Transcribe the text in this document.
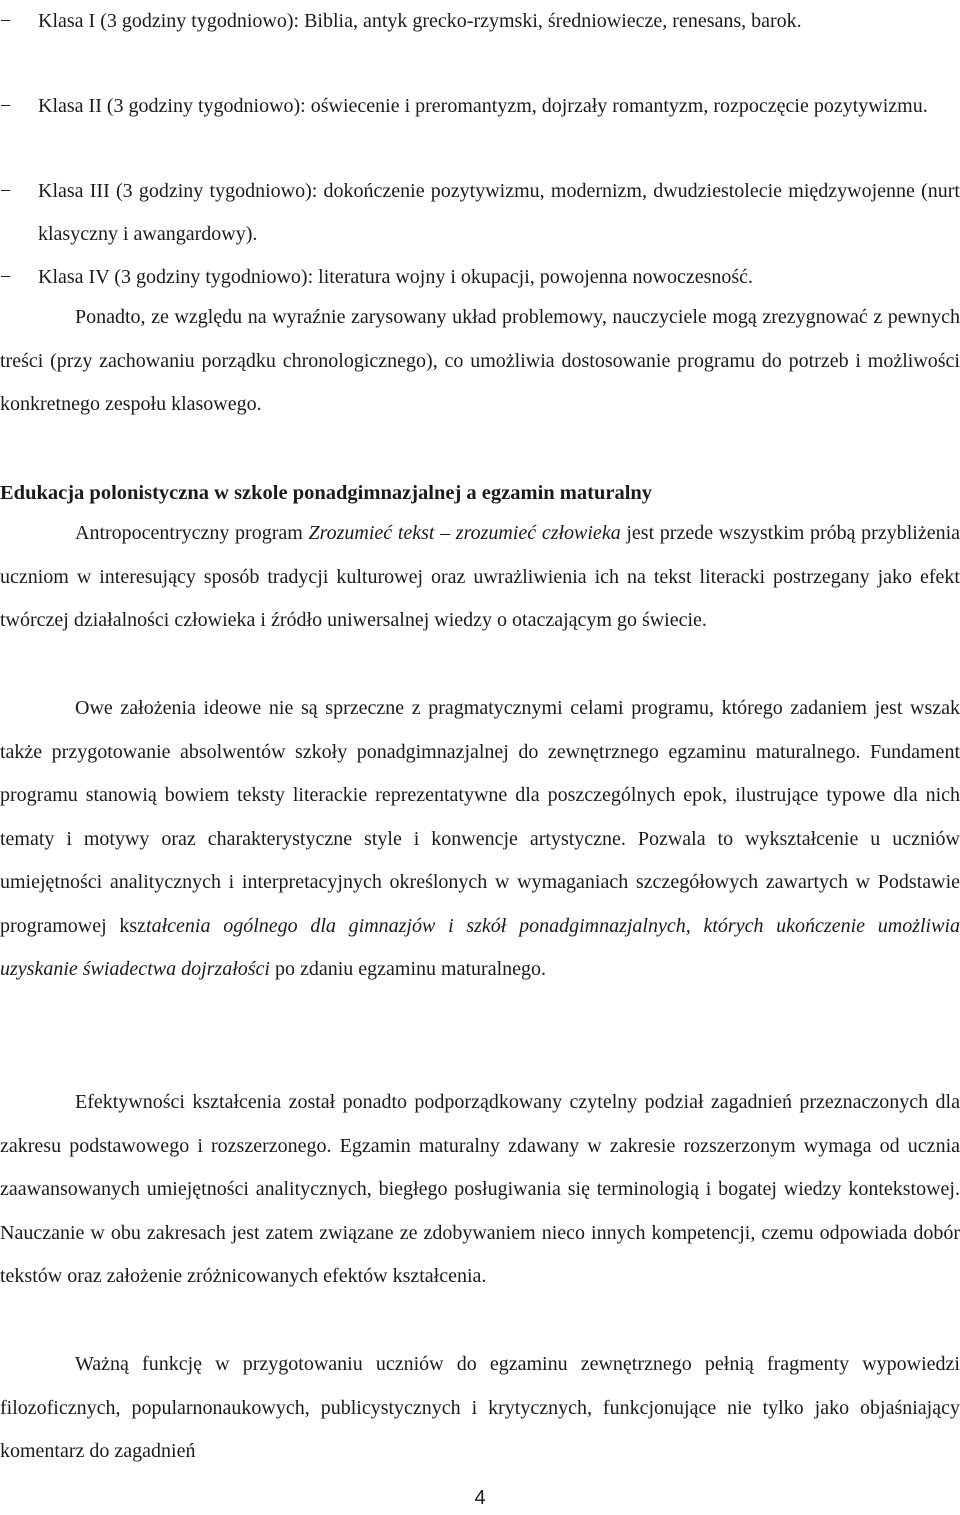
−	Klasa I (3 godziny tygodniowo): Biblia, antyk grecko-rzymski, średniowiecze, renesans, barok.
−	Klasa II (3 godziny tygodniowo): oświecenie i preromantyzm, dojrzały romantyzm, rozpoczęcie pozytywizmu.
−	Klasa III (3 godziny tygodniowo): dokończenie pozytywizmu, modernizm, dwudziestolecie międzywojenne (nurt klasyczny i awangardowy).
−	Klasa IV (3 godziny tygodniowo): literatura wojny i okupacji, powojenna nowoczesność.

Ponadto, ze względu na wyraźnie zarysowany układ problemowy, nauczyciele mogą zrezygnować z pewnych treści (przy zachowaniu porządku chronologicznego), co umożliwia dostosowanie programu do potrzeb i możliwości konkretnego zespołu klasowego.

Edukacja polonistyczna w szkole ponadgimnazjalnej a egzamin maturalny

Antropocentryczny program Zrozumieć tekst – zrozumieć człowieka jest przede wszystkim próbą przybliżenia uczniom w interesujący sposób tradycji kulturowej oraz uwrażliwienia ich na tekst literacki postrzegany jako efekt twórczej działalności człowieka i źródło uniwersalnej wiedzy o otaczającym go świecie.

Owe założenia ideowe nie są sprzeczne z pragmatycznymi celami programu, którego zadaniem jest wszak także przygotowanie absolwentów szkoły ponadgimnazjalnej do zewnętrznego egzaminu maturalnego. Fundament programu stanowią bowiem teksty literackie reprezentatywne dla poszczególnych epok, ilustrujące typowe dla nich tematy i motywy oraz charakterystyczne style i konwencje artystyczne. Pozwala to wykształcenie u uczniów umiejętności analitycznych i interpretacyjnych określonych w wymaganiach szczegółowych zawartych w Podstawie programowej kształcenia ogólnego dla gimnazjów i szkół ponadgimnazjalnych, których ukończenie umożliwia uzyskanie świadectwa dojrzałości po zdaniu egzaminu maturalnego.

Efektywności kształcenia został ponadto podporządkowany czytelny podział zagadnień przeznaczonych dla zakresu podstawowego i rozszerzonego. Egzamin maturalny zdawany w zakresie rozszerzonym wymaga od ucznia zaawansowanych umiejętności analitycznych, biegłego posługiwania się terminologią i bogatej wiedzy kontekstowej. Nauczanie w obu zakresach jest zatem związane ze zdobywaniem nieco innych kompetencji, czemu odpowiada dobór tekstów oraz założenie zróżnicowanych efektów kształcenia.

Ważną funkcję w przygotowaniu uczniów do egzaminu zewnętrznego pełnią fragmenty wypowiedzi filozoficznych, popularnonaukowych, publicystycznych i krytycznych, funkcjonujące nie tylko jako objaśniający komentarz do zagadnień

4
